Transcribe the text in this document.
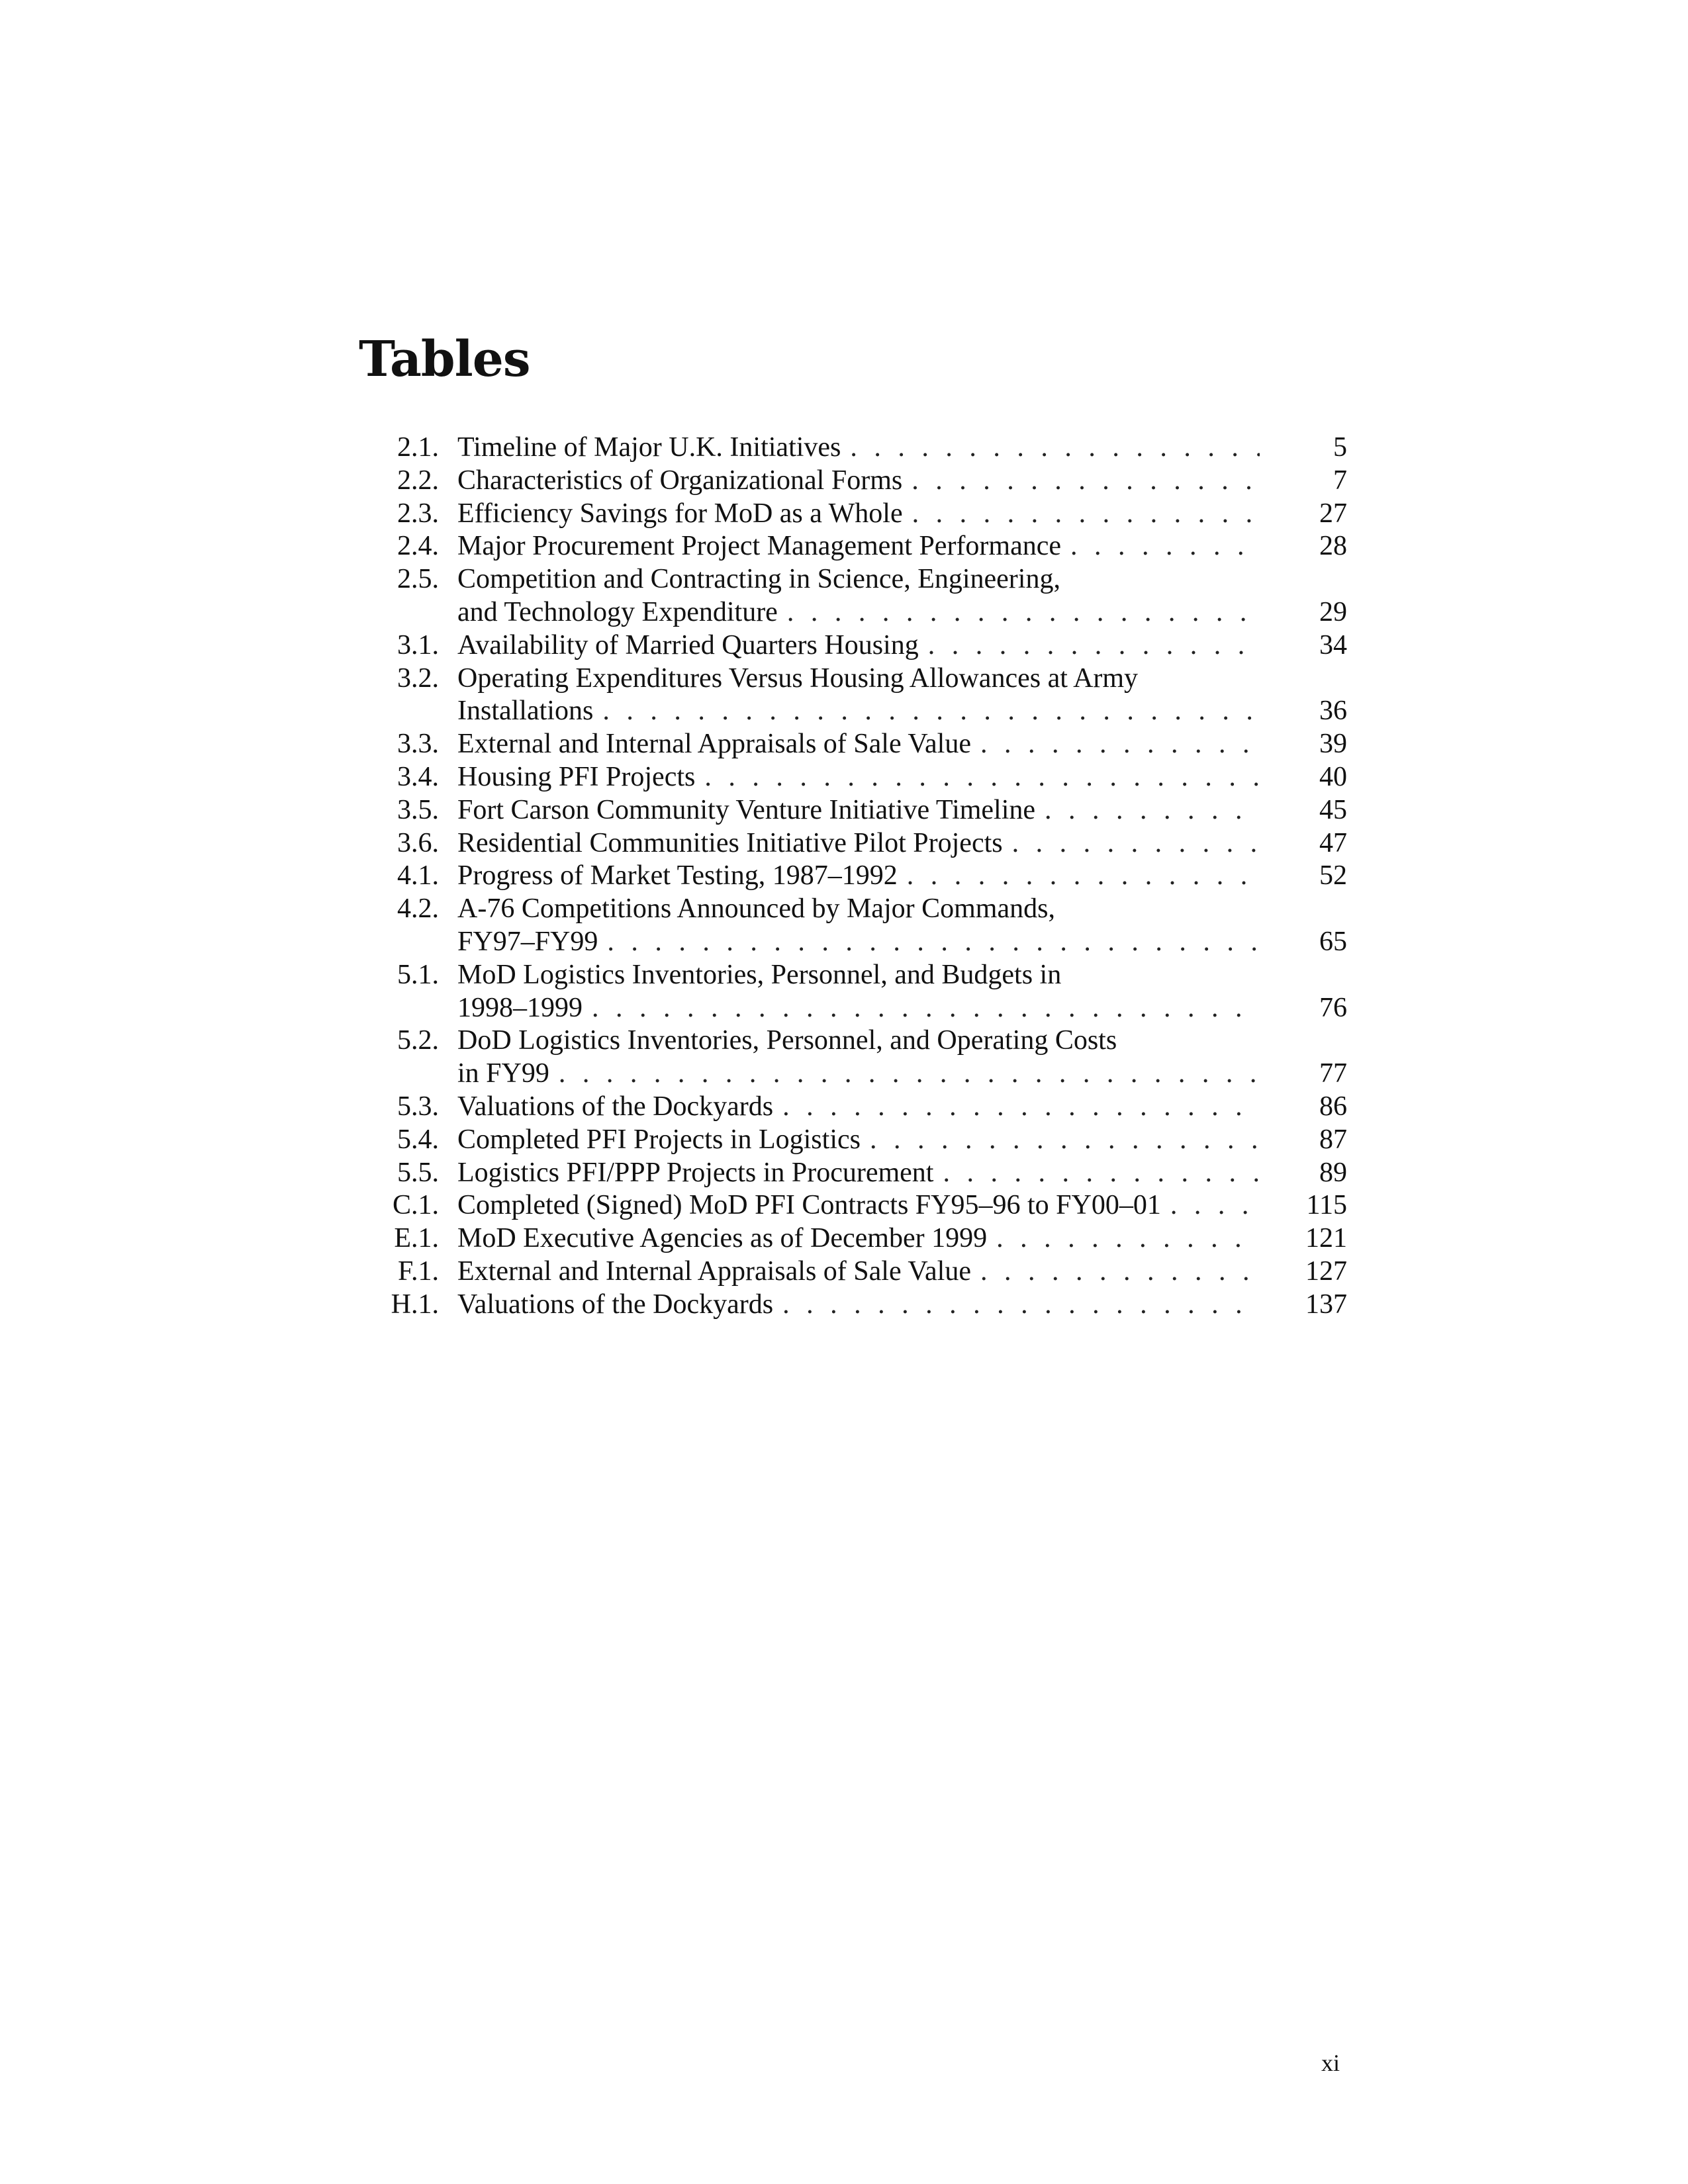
Tables
2.1. Timeline of Major U.K. Initiatives . . .	5
2.2. Characteristics of Organizational Forms . . .	7
2.3. Efficiency Savings for MoD as a Whole . . .	27
2.4. Major Procurement Project Management Performance . . .	28
2.5. Competition and Contracting in Science, Engineering,
and Technology Expenditure . . .	29
3.1. Availability of Married Quarters Housing . . .	34
3.2. Operating Expenditures Versus Housing Allowances at Army
Installations . . .	36
3.3. External and Internal Appraisals of Sale Value . . .	39
3.4. Housing PFI Projects . . .	40
3.5. Fort Carson Community Venture Initiative Timeline . . .	45
3.6. Residential Communities Initiative Pilot Projects . . .	47
4.1. Progress of Market Testing, 1987–1992 . . .	52
4.2. A-76 Competitions Announced by Major Commands,
FY97–FY99 . . .	65
5.1. MoD Logistics Inventories, Personnel, and Budgets in
1998–1999 . . .	76
5.2. DoD Logistics Inventories, Personnel, and Operating Costs
in FY99 . . .	77
5.3. Valuations of the Dockyards . . .	86
5.4. Completed PFI Projects in Logistics . . .	87
5.5. Logistics PFI/PPP Projects in Procurement . . .	89
C.1. Completed (Signed) MoD PFI Contracts FY95–96 to FY00–01 . . .	115
E.1. MoD Executive Agencies as of December 1999 . . .	121
F.1. External and Internal Appraisals of Sale Value . . .	127
H.1. Valuations of the Dockyards . . .	137
xi
